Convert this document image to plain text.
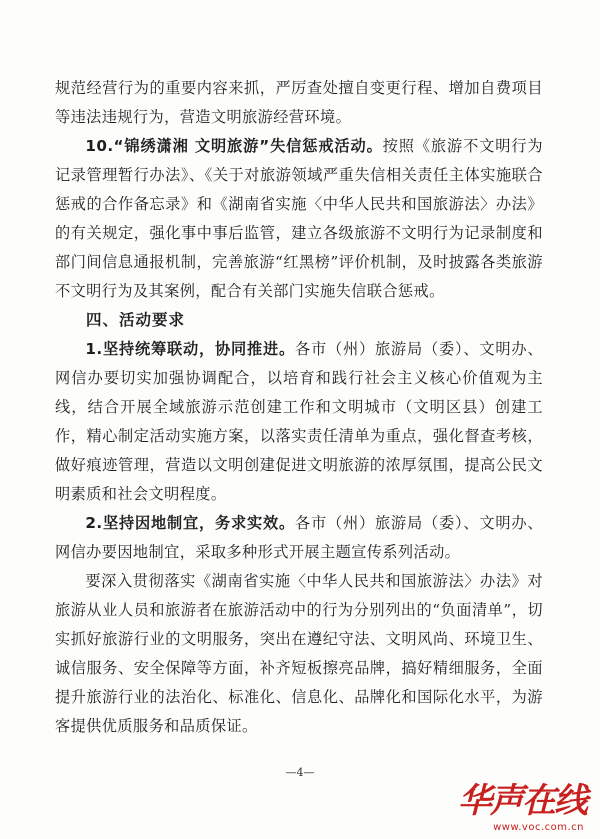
规范经营行为的重要内容来抓，严厉查处擅自变更行程、增加自费项目等违法违规行为，营造文明旅游经营环境。

10.“锦绣潇湘 文明旅游”失信惩戒活动。按照《旅游不文明行为记录管理暂行办法》、《关于对旅游领域严重失信相关责任主体实施联合惩戒的合作备忘录》和《湖南省实施〈中华人民共和国旅游法〉办法》的有关规定，强化事中事后监管，建立各级旅游不文明行为记录制度和部门间信息通报机制，完善旅游“红黑榜”评价机制，及时披露各类旅游不文明行为及其案例，配合有关部门实施失信联合惩戒。

四、活动要求

1.坚持统筹联动，协同推进。各市（州）旅游局（委）、文明办、网信办要切实加强协调配合，以培育和践行社会主义核心价值观为主线，结合开展全域旅游示范创建工作和文明城市（文明区县）创建工作，精心制定活动实施方案，以落实责任清单为重点，强化督查考核，做好痕迹管理，营造以文明创建促进文明旅游的浓厚氛围，提高公民文明素质和社会文明程度。

2.坚持因地制宜，务求实效。各市（州）旅游局（委）、文明办、网信办要因地制宜，采取多种形式开展主题宣传系列活动。

要深入贯彻落实《湖南省实施〈中华人民共和国旅游法〉办法》对旅游从业人员和旅游者在旅游活动中的行为分别列出的“负面清单”，切实抓好旅游行业的文明服务，突出在遵纪守法、文明风尚、环境卫生、诚信服务、安全保障等方面，补齐短板擦亮品牌，搞好精细服务，全面提升旅游行业的法治化、标准化、信息化、品牌化和国际化水平，为游客提供优质服务和品质保证。

—4—
华声在线
www.voc.com.cn
